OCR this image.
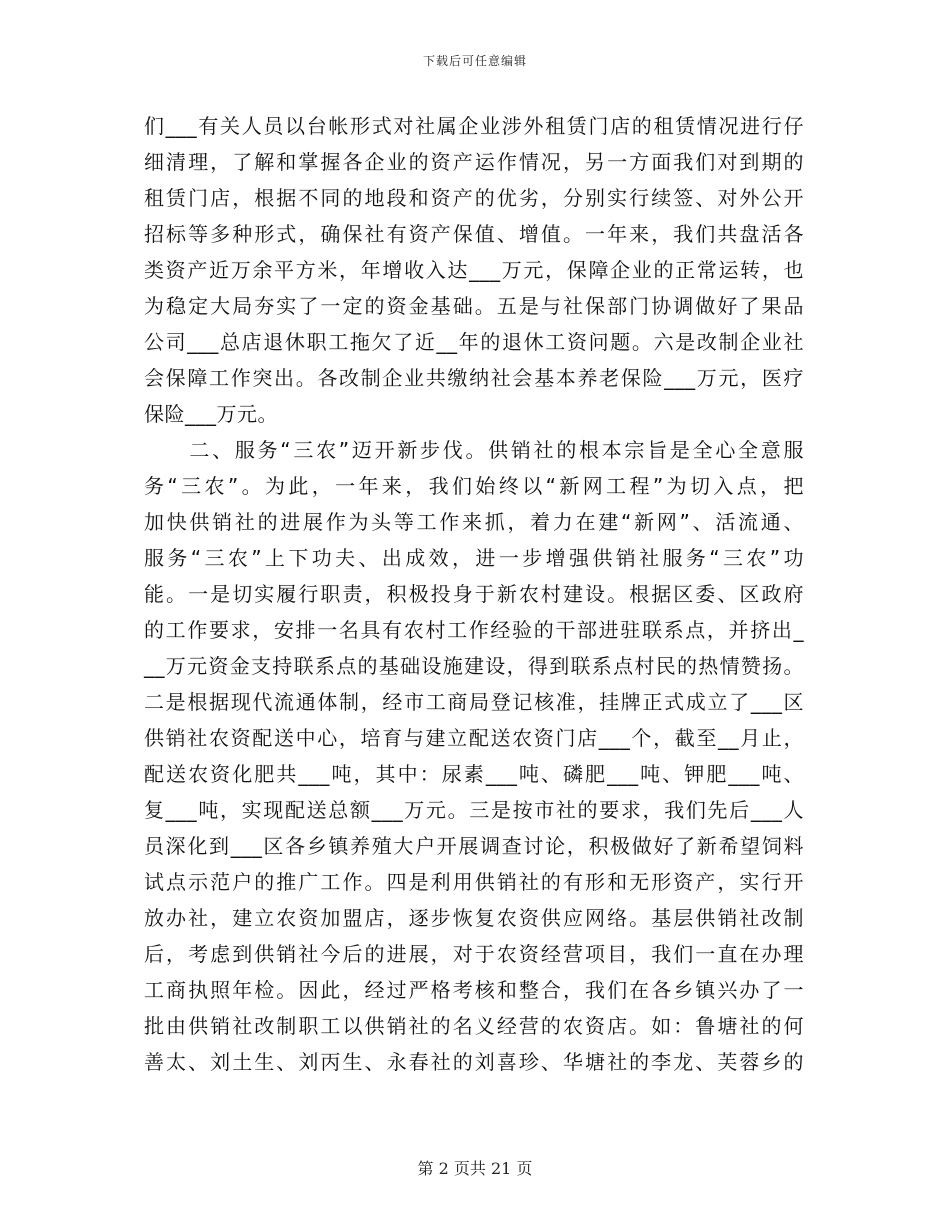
下载后可任意编辑
们___有关人员以台帐形式对社属企业涉外租赁门店的租赁情况进行仔
细清理，了解和掌握各企业的资产运作情况，另一方面我们对到期的
租赁门店，根据不同的地段和资产的优劣，分别实行续签、对外公开
招标等多种形式，确保社有资产保值、增值。一年来，我们共盘活各
类资产近万余平方米，年增收入达___万元，保障企业的正常运转，也
为稳定大局夯实了一定的资金基础。五是与社保部门协调做好了果品
公司___总店退休职工拖欠了近__年的退休工资问题。六是改制企业社
会保障工作突出。各改制企业共缴纳社会基本养老保险___万元，医疗
保险___万元。
　　二、服务“三农”迈开新步伐。供销社的根本宗旨是全心全意服
务“三农”。为此，一年来，我们始终以“新网工程”为切入点，把
加快供销社的进展作为头等工作来抓，着力在建“新网”、活流通、
服务“三农”上下功夫、出成效，进一步增强供销社服务“三农”功
能。一是切实履行职责，积极投身于新农村建设。根据区委、区政府
的工作要求，安排一名具有农村工作经验的干部进驻联系点，并挤出_
__万元资金支持联系点的基础设施建设，得到联系点村民的热情赞扬。
二是根据现代流通体制，经市工商局登记核准，挂牌正式成立了___区
供销社农资配送中心，培育与建立配送农资门店___个，截至__月止，
配送农资化肥共___吨，其中：尿素___吨、磷肥___吨、钾肥___吨、
复___吨，实现配送总额___万元。三是按市社的要求，我们先后___人
员深化到___区各乡镇养殖大户开展调查讨论，积极做好了新希望饲料
试点示范户的推广工作。四是利用供销社的有形和无形资产，实行开
放办社，建立农资加盟店，逐步恢复农资供应网络。基层供销社改制
后，考虑到供销社今后的进展，对于农资经营项目，我们一直在办理
工商执照年检。因此，经过严格考核和整合，我们在各乡镇兴办了一
批由供销社改制职工以供销社的名义经营的农资店。如：鲁塘社的何
善太、刘土生、刘丙生、永春社的刘喜珍、华塘社的李龙、芙蓉乡的
第 2 页共 21 页
